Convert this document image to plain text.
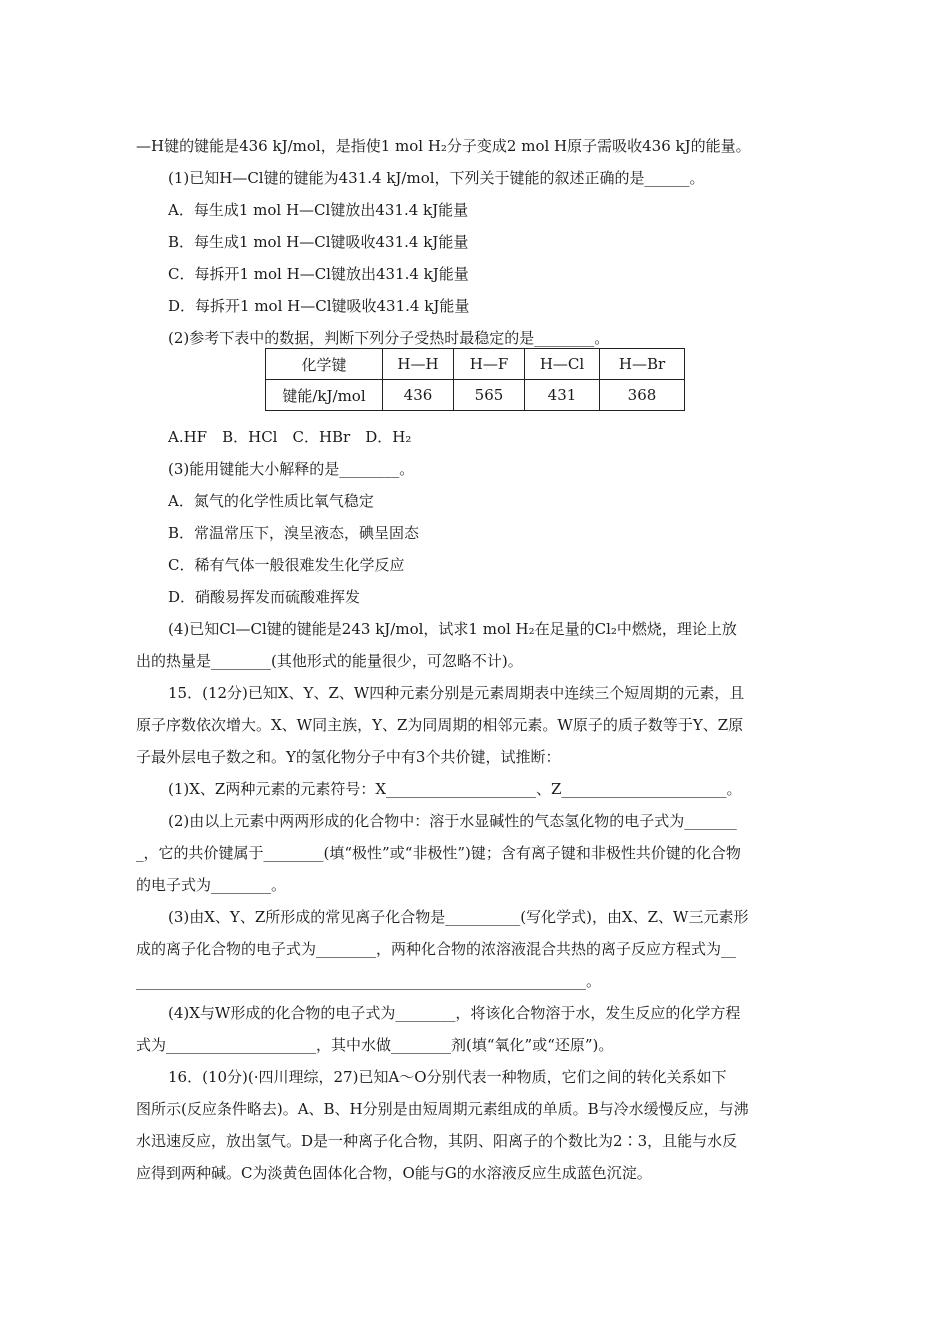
—H键的键能是436 kJ/mol，是指使1 mol H₂分子变成2 mol H原子需吸收436 kJ的能量。
(1)已知H—Cl键的键能为431.4 kJ/mol，下列关于键能的叙述正确的是______。
A．每生成1 mol H—Cl键放出431.4 kJ能量
B．每生成1 mol H—Cl键吸收431.4 kJ能量
C．每拆开1 mol H—Cl键放出431.4 kJ能量
D．每拆开1 mol H—Cl键吸收431.4 kJ能量
(2)参考下表中的数据，判断下列分子受热时最稳定的是________。
化学键	H—H	H—F	H—Cl	H—Br
键能/kJ/mol	436	565	431	368
A.HF　B．HCl　C．HBr　D．H₂
(3)能用键能大小解释的是________。
A．氮气的化学性质比氧气稳定
B．常温常压下，溴呈液态，碘呈固态
C．稀有气体一般很难发生化学反应
D．硝酸易挥发而硫酸难挥发
(4)已知Cl—Cl键的键能是243 kJ/mol，试求1 mol H₂在足量的Cl₂中燃烧，理论上放
出的热量是________(其他形式的能量很少，可忽略不计)。
15．(12分)已知X、Y、Z、W四种元素分别是元素周期表中连续三个短周期的元素，且
原子序数依次增大。X、W同主族，Y、Z为同周期的相邻元素。W原子的质子数等于Y、Z原
子最外层电子数之和。Y的氢化物分子中有3个共价键，试推断：
(1)X、Z两种元素的元素符号：X____________________、Z______________________。
(2)由以上元素中两两形成的化合物中：溶于水显碱性的气态氢化物的电子式为_______
_，它的共价键属于________(填“极性”或“非极性”)键；含有离子键和非极性共价键的化合物
的电子式为________。
(3)由X、Y、Z所形成的常见离子化合物是__________(写化学式)，由X、Z、W三元素形
成的离子化合物的电子式为________，两种化合物的浓溶液混合共热的离子反应方程式为__
____________________________________________________________。
(4)X与W形成的化合物的电子式为________，将该化合物溶于水，发生反应的化学方程
式为____________________，其中水做________剂(填“氧化”或“还原”)。
16．(10分)(·四川理综，27)已知A～O分别代表一种物质，它们之间的转化关系如下
图所示(反应条件略去)。A、B、H分别是由短周期元素组成的单质。B与冷水缓慢反应，与沸
水迅速反应，放出氢气。D是一种离子化合物，其阴、阳离子的个数比为2∶3，且能与水反
应得到两种碱。C为淡黄色固体化合物，O能与G的水溶液反应生成蓝色沉淀。
